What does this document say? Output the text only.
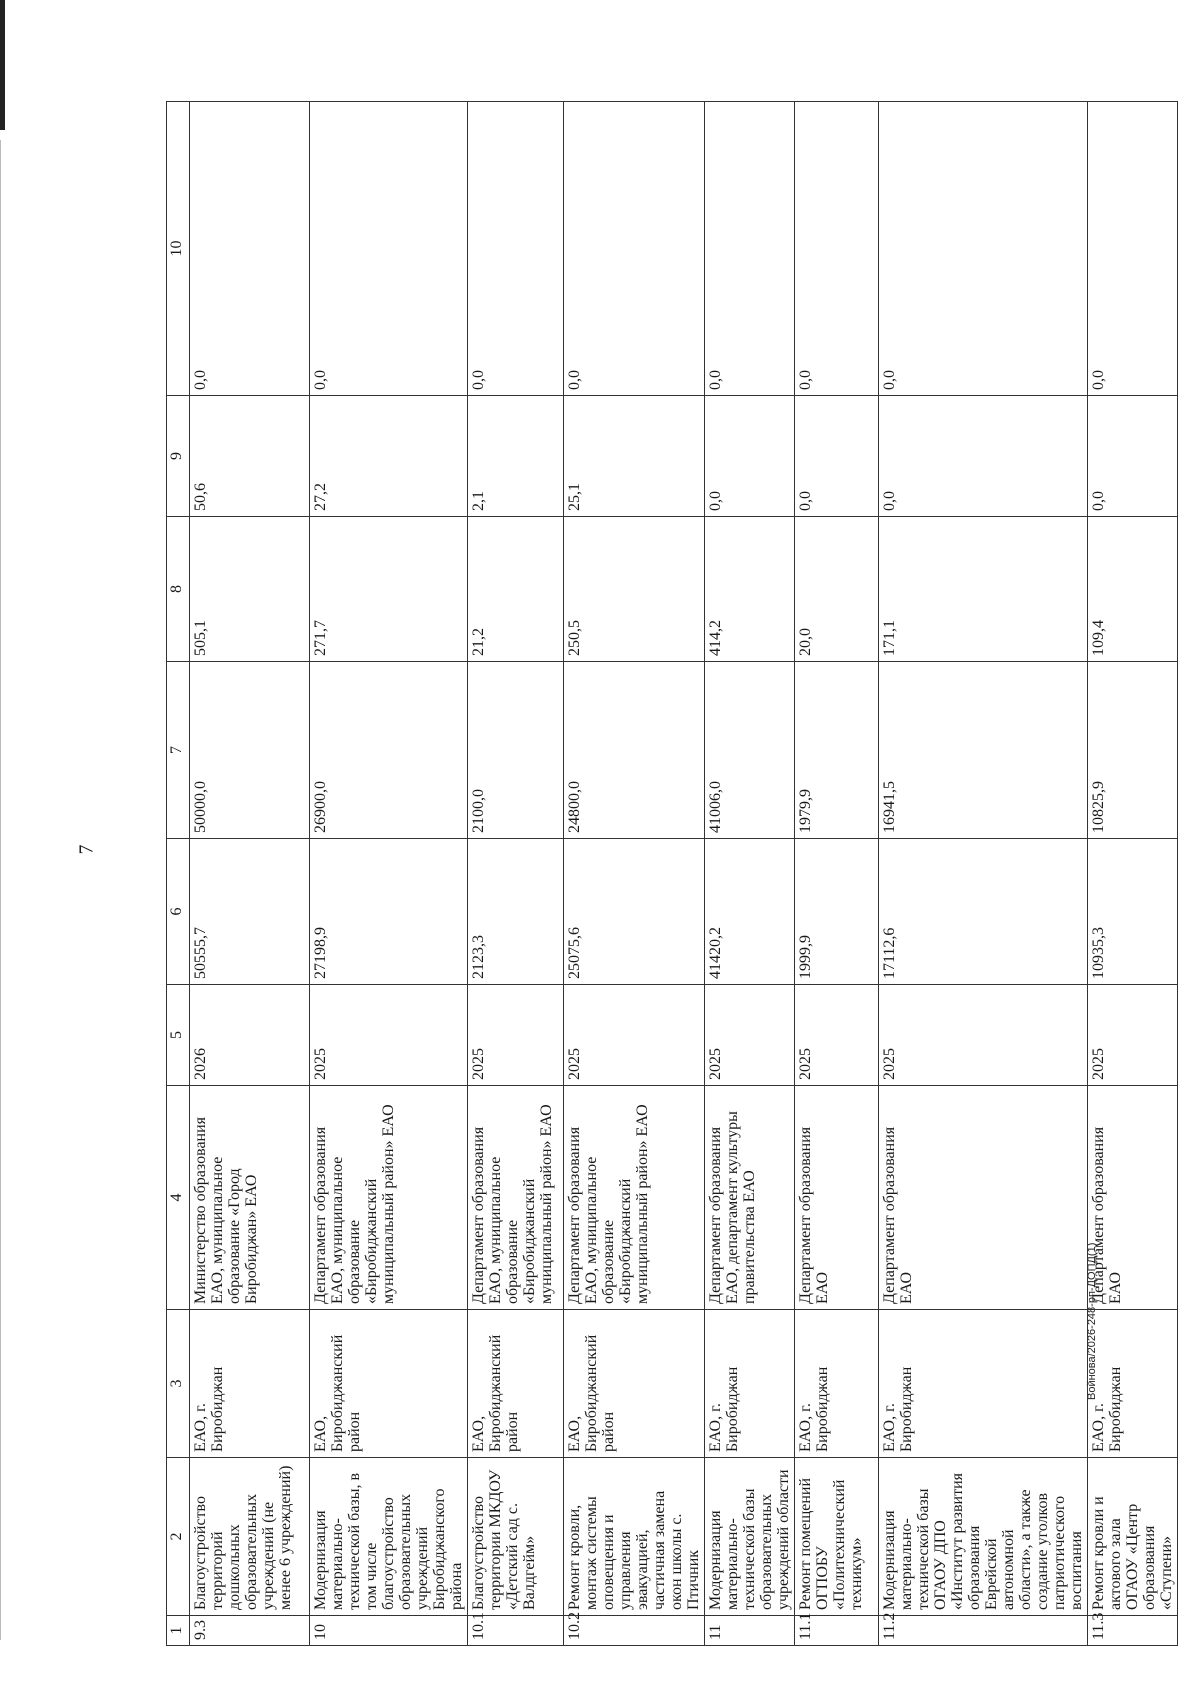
7
Войнова/2026-248-рп-ДОПД(1)
1	2	3	4	5	6	7	8	9	10
9.3	Благоустройство территорий дошкольных образовательных учреждений (не менее 6 учреждений)	ЕАО, г. Биробиджан	Министерство образования ЕАО, муниципальное образование «Город Биробиджан» ЕАО	2026	50555,7	50000,0	505,1	50,6	0,0
10	Модернизация материально-технической базы, в том числе благоустройство образовательных учреждений Биробиджанского района	ЕАО, Биробиджанский район	Департамент образования ЕАО, муниципальное образование «Биробиджанский муниципальный район» ЕАО	2025	27198,9	26900,0	271,7	27,2	0,0
10.1	Благоустройство территории МКДОУ «Детский сад с. Валдгейм»	ЕАО, Биробиджанский район	Департамент образования ЕАО, муниципальное образование «Биробиджанский муниципальный район» ЕАО	2025	2123,3	2100,0	21,2	2,1	0,0
10.2	Ремонт кровли, монтаж системы оповещения и управления эвакуацией, частичная замена окон школы с. Птичник	ЕАО, Биробиджанский район	Департамент образования ЕАО, муниципальное образование «Биробиджанский муниципальный район» ЕАО	2025	25075,6	24800,0	250,5	25,1	0,0
11	Модернизация материально-технической базы образовательных учреждений области	ЕАО, г. Биробиджан	Департамент образования ЕАО, департамент культуры правительства ЕАО	2025	41420,2	41006,0	414,2	0,0	0,0
11.1	Ремонт помещений ОГПОБУ «Политехнический техникум»	ЕАО, г. Биробиджан	Департамент образования ЕАО	2025	1999,9	1979,9	20,0	0,0	0,0
11.2	Модернизация материально-технической базы ОГАОУ ДПО «Институт развития образования Еврейской автономной области», а также создание уголков патриотического воспитания	ЕАО, г. Биробиджан	Департамент образования ЕАО	2025	17112,6	16941,5	171,1	0,0	0,0
11.3	Ремонт кровли и актового зала ОГАОУ «Центр образования «Ступени»	ЕАО, г. Биробиджан	Департамент образования ЕАО	2025	10935,3	10825,9	109,4	0,0	0,0
